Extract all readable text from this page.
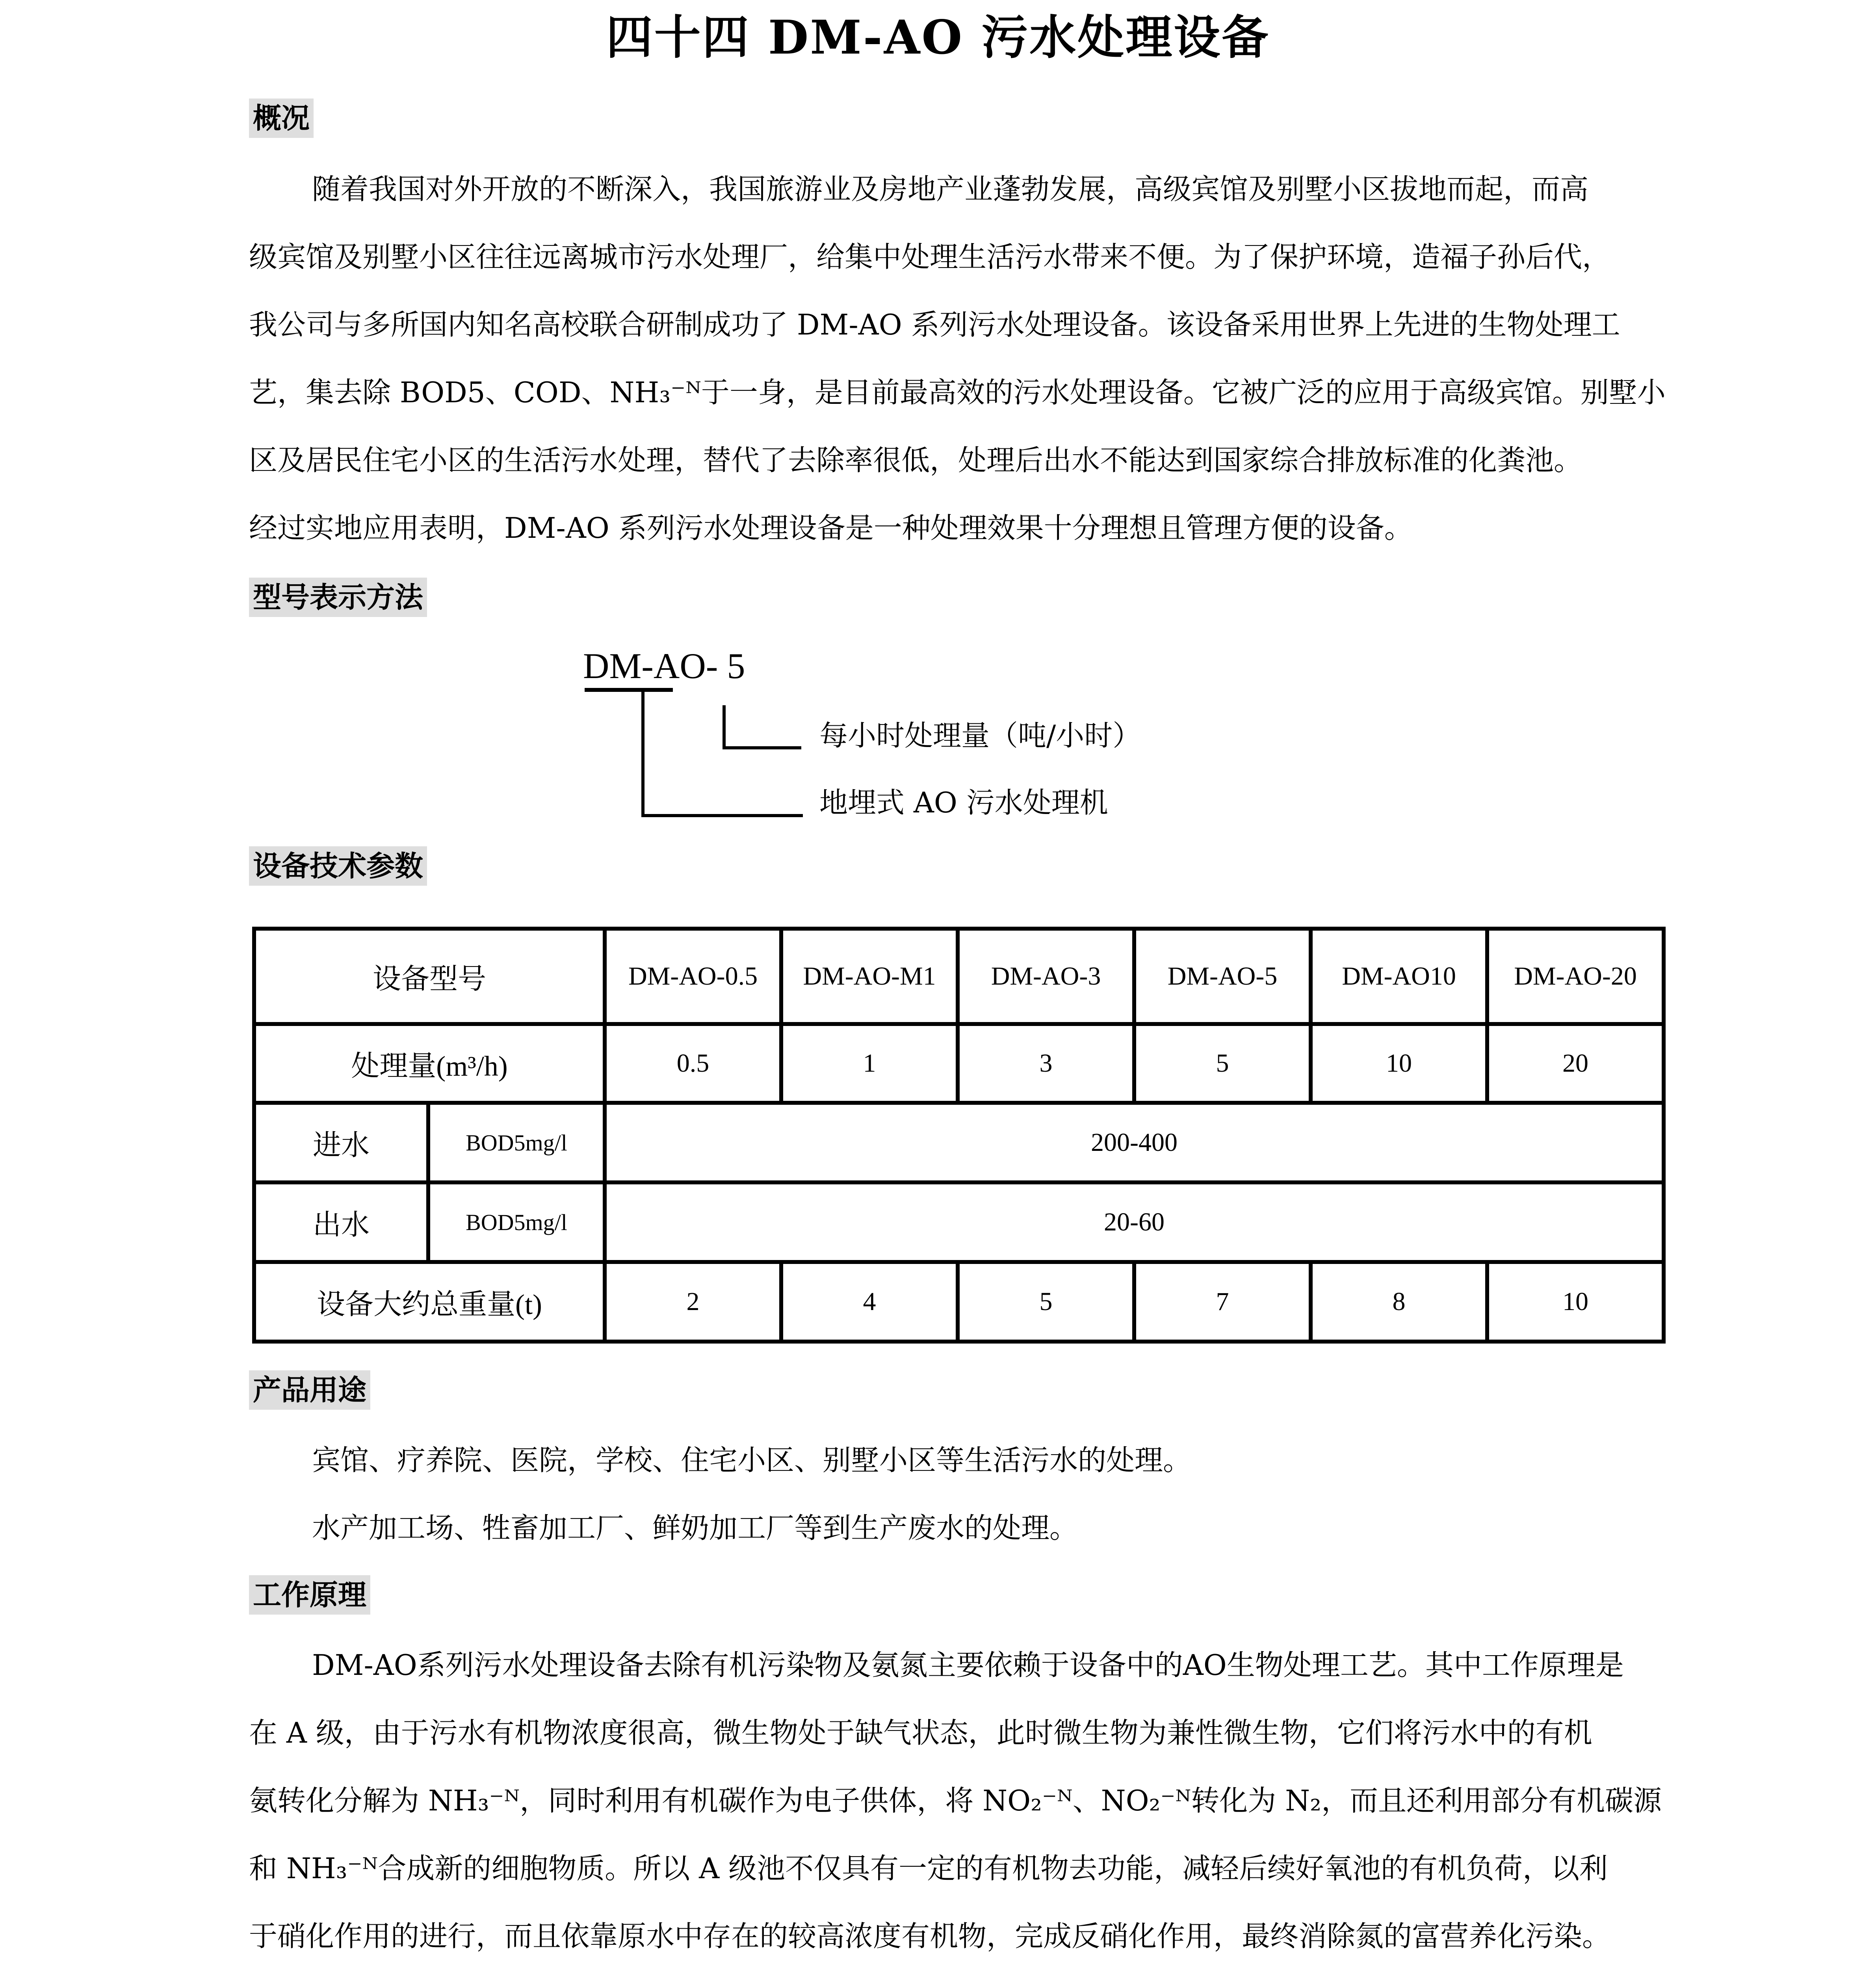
四十四 DM-AO 污水处理设备
概况

随着我国对外开放的不断深入，我国旅游业及房地产业蓬勃发展，高级宾馆及别墅小区拔地而起，而高

级宾馆及别墅小区往往远离城市污水处理厂，给集中处理生活污水带来不便。为了保护环境，造福子孙后代，

我公司与多所国内知名高校联合研制成功了 DM-AO 系列污水处理设备。该设备采用世界上先进的生物处理工

艺，集去除 BOD5、COD、NH₃⁻ᴺ于一身，是目前最高效的污水处理设备。它被广泛的应用于高级宾馆。别墅小

区及居民住宅小区的生活污水处理，替代了去除率很低，处理后出水不能达到国家综合排放标准的化粪池。

经过实地应用表明，DM-AO 系列污水处理设备是一种处理效果十分理想且管理方便的设备。

型号表示方法
DM-AO- 5
每小时处理量（吨/小时）
地埋式 AO 污水处理机
设备技术参数
设备型号		DM-AO-0.5	DM-AO-M1	DM-AO-3	DM-AO-5	DM-AO10	DM-AO-20
处理量(m³/h)		0.5	1	3	5	10	20
进水	BOD5mg/l	200-400					
出水	BOD5mg/l	20-60					
设备大约总重量(t)		2	4	5	7	8	10
产品用途

宾馆、疗养院、医院，学校、住宅小区、别墅小区等生活污水的处理。

水产加工场、牲畜加工厂、鲜奶加工厂等到生产废水的处理。

工作原理

DM-AO系列污水处理设备去除有机污染物及氨氮主要依赖于设备中的AO生物处理工艺。其中工作原理是

在 A 级，由于污水有机物浓度很高，微生物处于缺气状态，此时微生物为兼性微生物，它们将污水中的有机

氨转化分解为 NH₃⁻ᴺ，同时利用有机碳作为电子供体，将 NO₂⁻ᴺ、NO₂⁻ᴺ转化为 N₂，而且还利用部分有机碳源

和 NH₃⁻ᴺ合成新的细胞物质。所以 A 级池不仅具有一定的有机物去功能，减轻后续好氧池的有机负荷，以利

于硝化作用的进行，而且依靠原水中存在的较高浓度有机物，完成反硝化作用，最终消除氮的富营养化污染。
